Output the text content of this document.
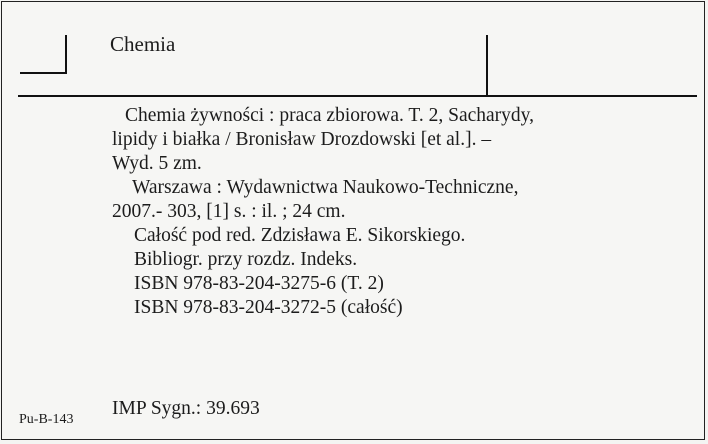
Chemia
Chemia żywności : praca zbiorowa. T. 2, Sacharydy,
lipidy i białka / Bronisław Drozdowski [et al.]. –
Wyd. 5 zm.
Warszawa : Wydawnictwa Naukowo-Techniczne,
2007.- 303, [1] s. : il. ; 24 cm.
Całość pod red. Zdzisława E. Sikorskiego.
Bibliogr. przy rozdz. Indeks.
ISBN 978-83-204-3275-6 (T. 2)
ISBN 978-83-204-3272-5 (całość)
Pu-B-143
IMP Sygn.: 39.693
